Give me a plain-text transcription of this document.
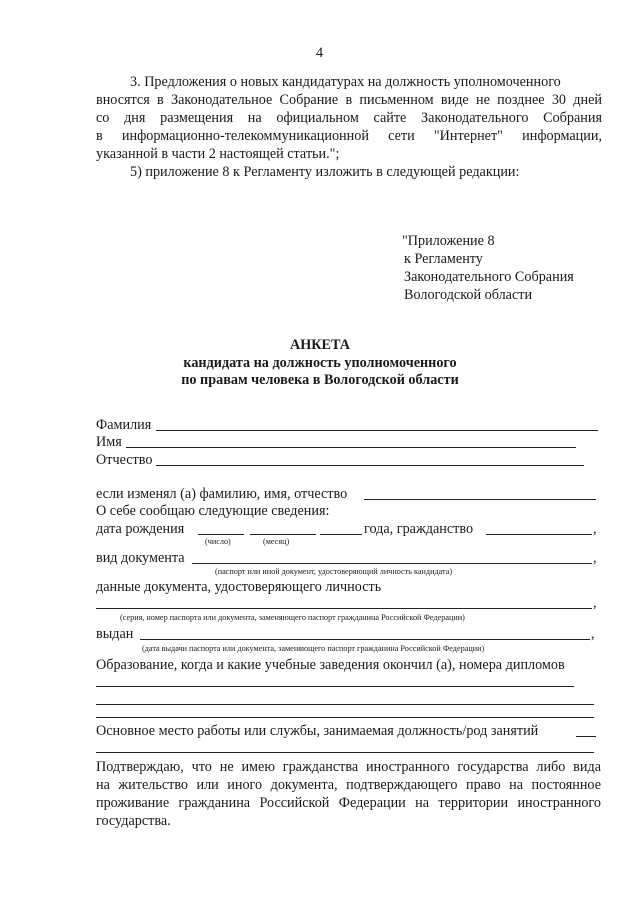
4
3. Предложения о новых кандидатурах на должность уполномоченного
вносятся в Законодательное Собрание в письменном виде не позднее 30 дней
со дня размещения на официальном сайте Законодательного Собрания
в информационно-телекоммуникационной сети "Интернет" информации,
указанной в части 2 настоящей статьи.";
5) приложение 8 к Регламенту изложить в следующей редакции:
"Приложение 8
к Регламенту
Законодательного Собрания
Вологодской области
АНКЕТА
кандидата на должность уполномоченного
по правам человека в Вологодской области
Фамилия
Имя
Отчество
если изменял (а) фамилию, имя, отчество
О себе сообщаю следующие сведения:
дата рождения	года, гражданство	,
(число)	(месяц)
вид документа	,
(паспорт или иной документ, удостоверяющий личность кандидата)
данные документа, удостоверяющего личность
,
(серия, номер паспорта или документа, заменяющего паспорт гражданина Российской Федерации)
выдан	,
(дата выдачи паспорта или документа, заменяющего паспорт гражданина Российской Федерации)
Образование, когда и какие учебные заведения окончил (а), номера дипломов
Основное место работы или службы, занимаемая должность/род занятий
Подтверждаю, что не имею гражданства иностранного государства либо вида
на жительство или иного документа, подтверждающего право на постоянное
проживание гражданина Российской Федерации на территории иностранного
государства.
